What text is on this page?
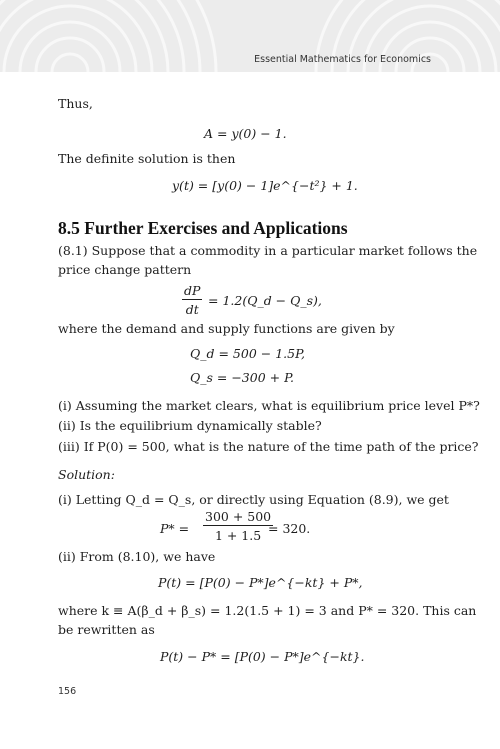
Essential Mathematics for Economics
Thus,
A = y(0) − 1.
The definite solution is then
y(t) = [y(0) − 1]e^{−t²} + 1.
8.5 Further Exercises and Applications
(8.1) Suppose that a commodity in a particular market follows the
price change pattern
$\frac{dP}{dt}$ = 1.2(Q_d − Q_s),
where the demand and supply functions are given by
Q_d = 500 − 1.5P,
Q_s = −300 + P.
(i) Assuming the market clears, what is equilibrium price level P*?
(ii) Is the equilibrium dynamically stable?
(iii) If P(0) = 500, what is the nature of the time path of the price?
Solution:
(i) Letting Q_d = Q_s, or directly using Equation (8.9), we get
$P* = \frac{300 + 500}{1 + 1.5}$
= 320.
(ii) From (8.10), we have
P(t) = [P(0) − P*]e^{−kt} + P*,
where k ≡ A(β_d + β_s) = 1.2(1.5 + 1) = 3 and P* = 320. This can
be rewritten as
P(t) − P* = [P(0) − P*]e^{−kt}.
156
